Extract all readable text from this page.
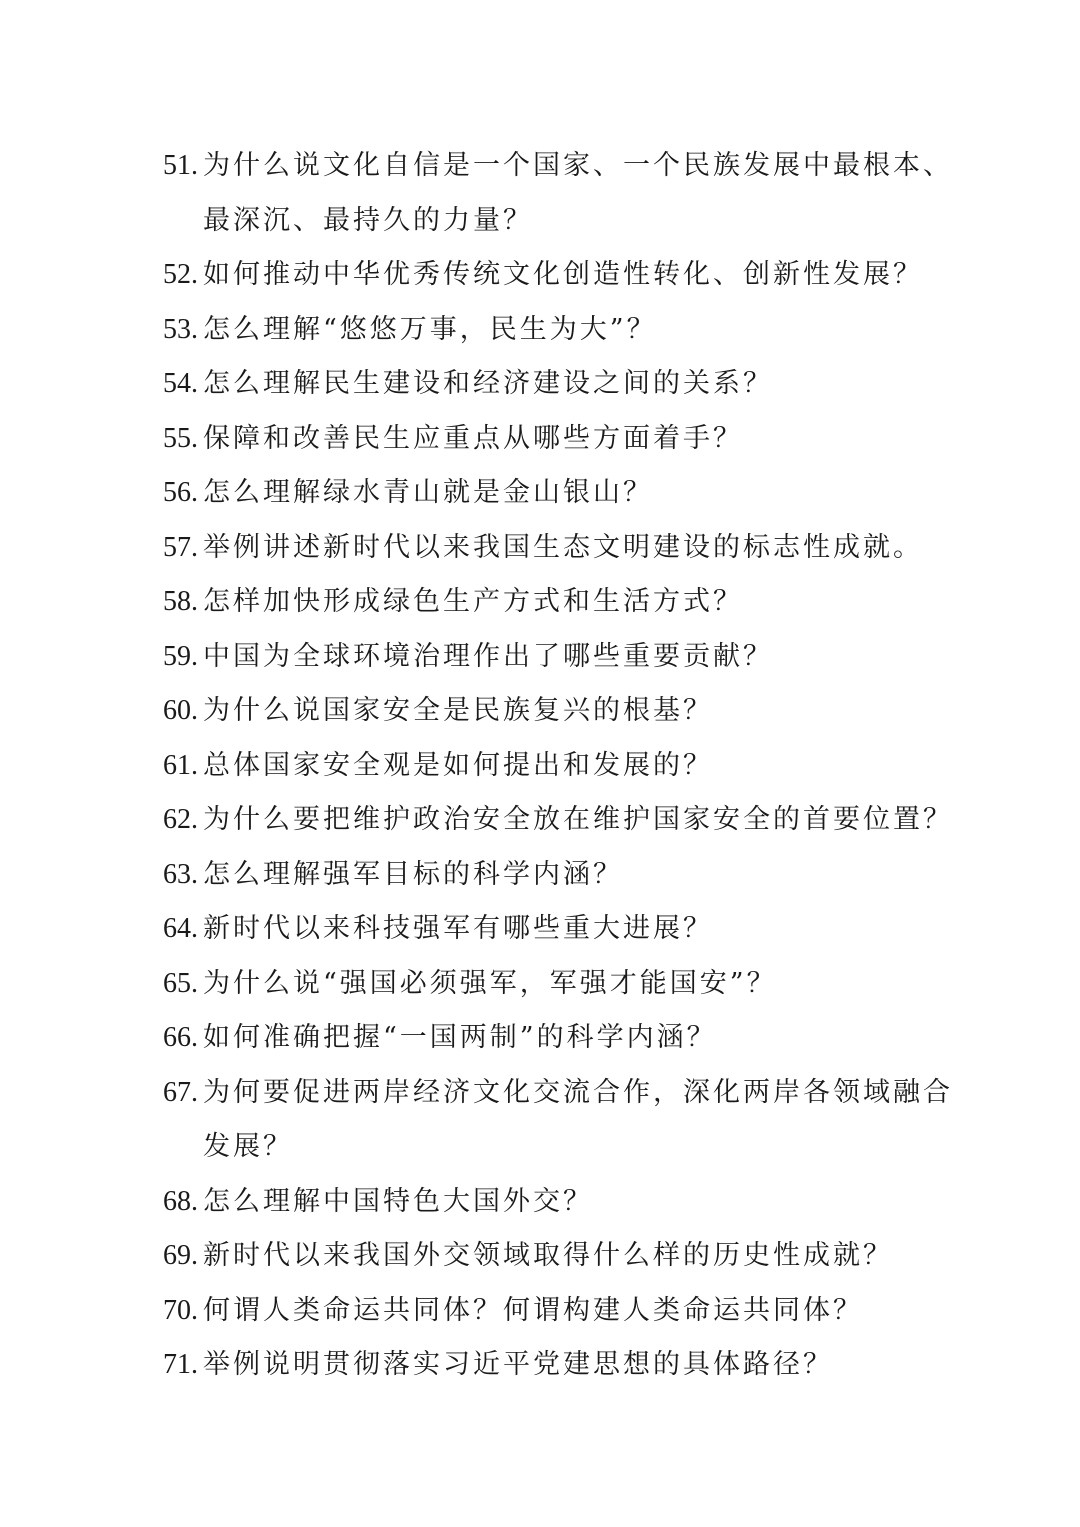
51. 为什么说文化自信是一个国家、一个民族发展中最根本、最深沉、最持久的力量？
52. 如何推动中华优秀传统文化创造性转化、创新性发展？
53. 怎么理解“悠悠万事，民生为大”？
54. 怎么理解民生建设和经济建设之间的关系？
55. 保障和改善民生应重点从哪些方面着手？
56. 怎么理解绿水青山就是金山银山？
57. 举例讲述新时代以来我国生态文明建设的标志性成就。
58. 怎样加快形成绿色生产方式和生活方式？
59. 中国为全球环境治理作出了哪些重要贡献？
60. 为什么说国家安全是民族复兴的根基？
61. 总体国家安全观是如何提出和发展的？
62. 为什么要把维护政治安全放在维护国家安全的首要位置？
63. 怎么理解强军目标的科学内涵？
64. 新时代以来科技强军有哪些重大进展？
65. 为什么说“强国必须强军，军强才能国安”？
66. 如何准确把握“一国两制”的科学内涵？
67. 为何要促进两岸经济文化交流合作，深化两岸各领域融合发展？
68. 怎么理解中国特色大国外交？
69. 新时代以来我国外交领域取得什么样的历史性成就？
70. 何谓人类命运共同体？何谓构建人类命运共同体？
71. 举例说明贯彻落实习近平党建思想的具体路径？
